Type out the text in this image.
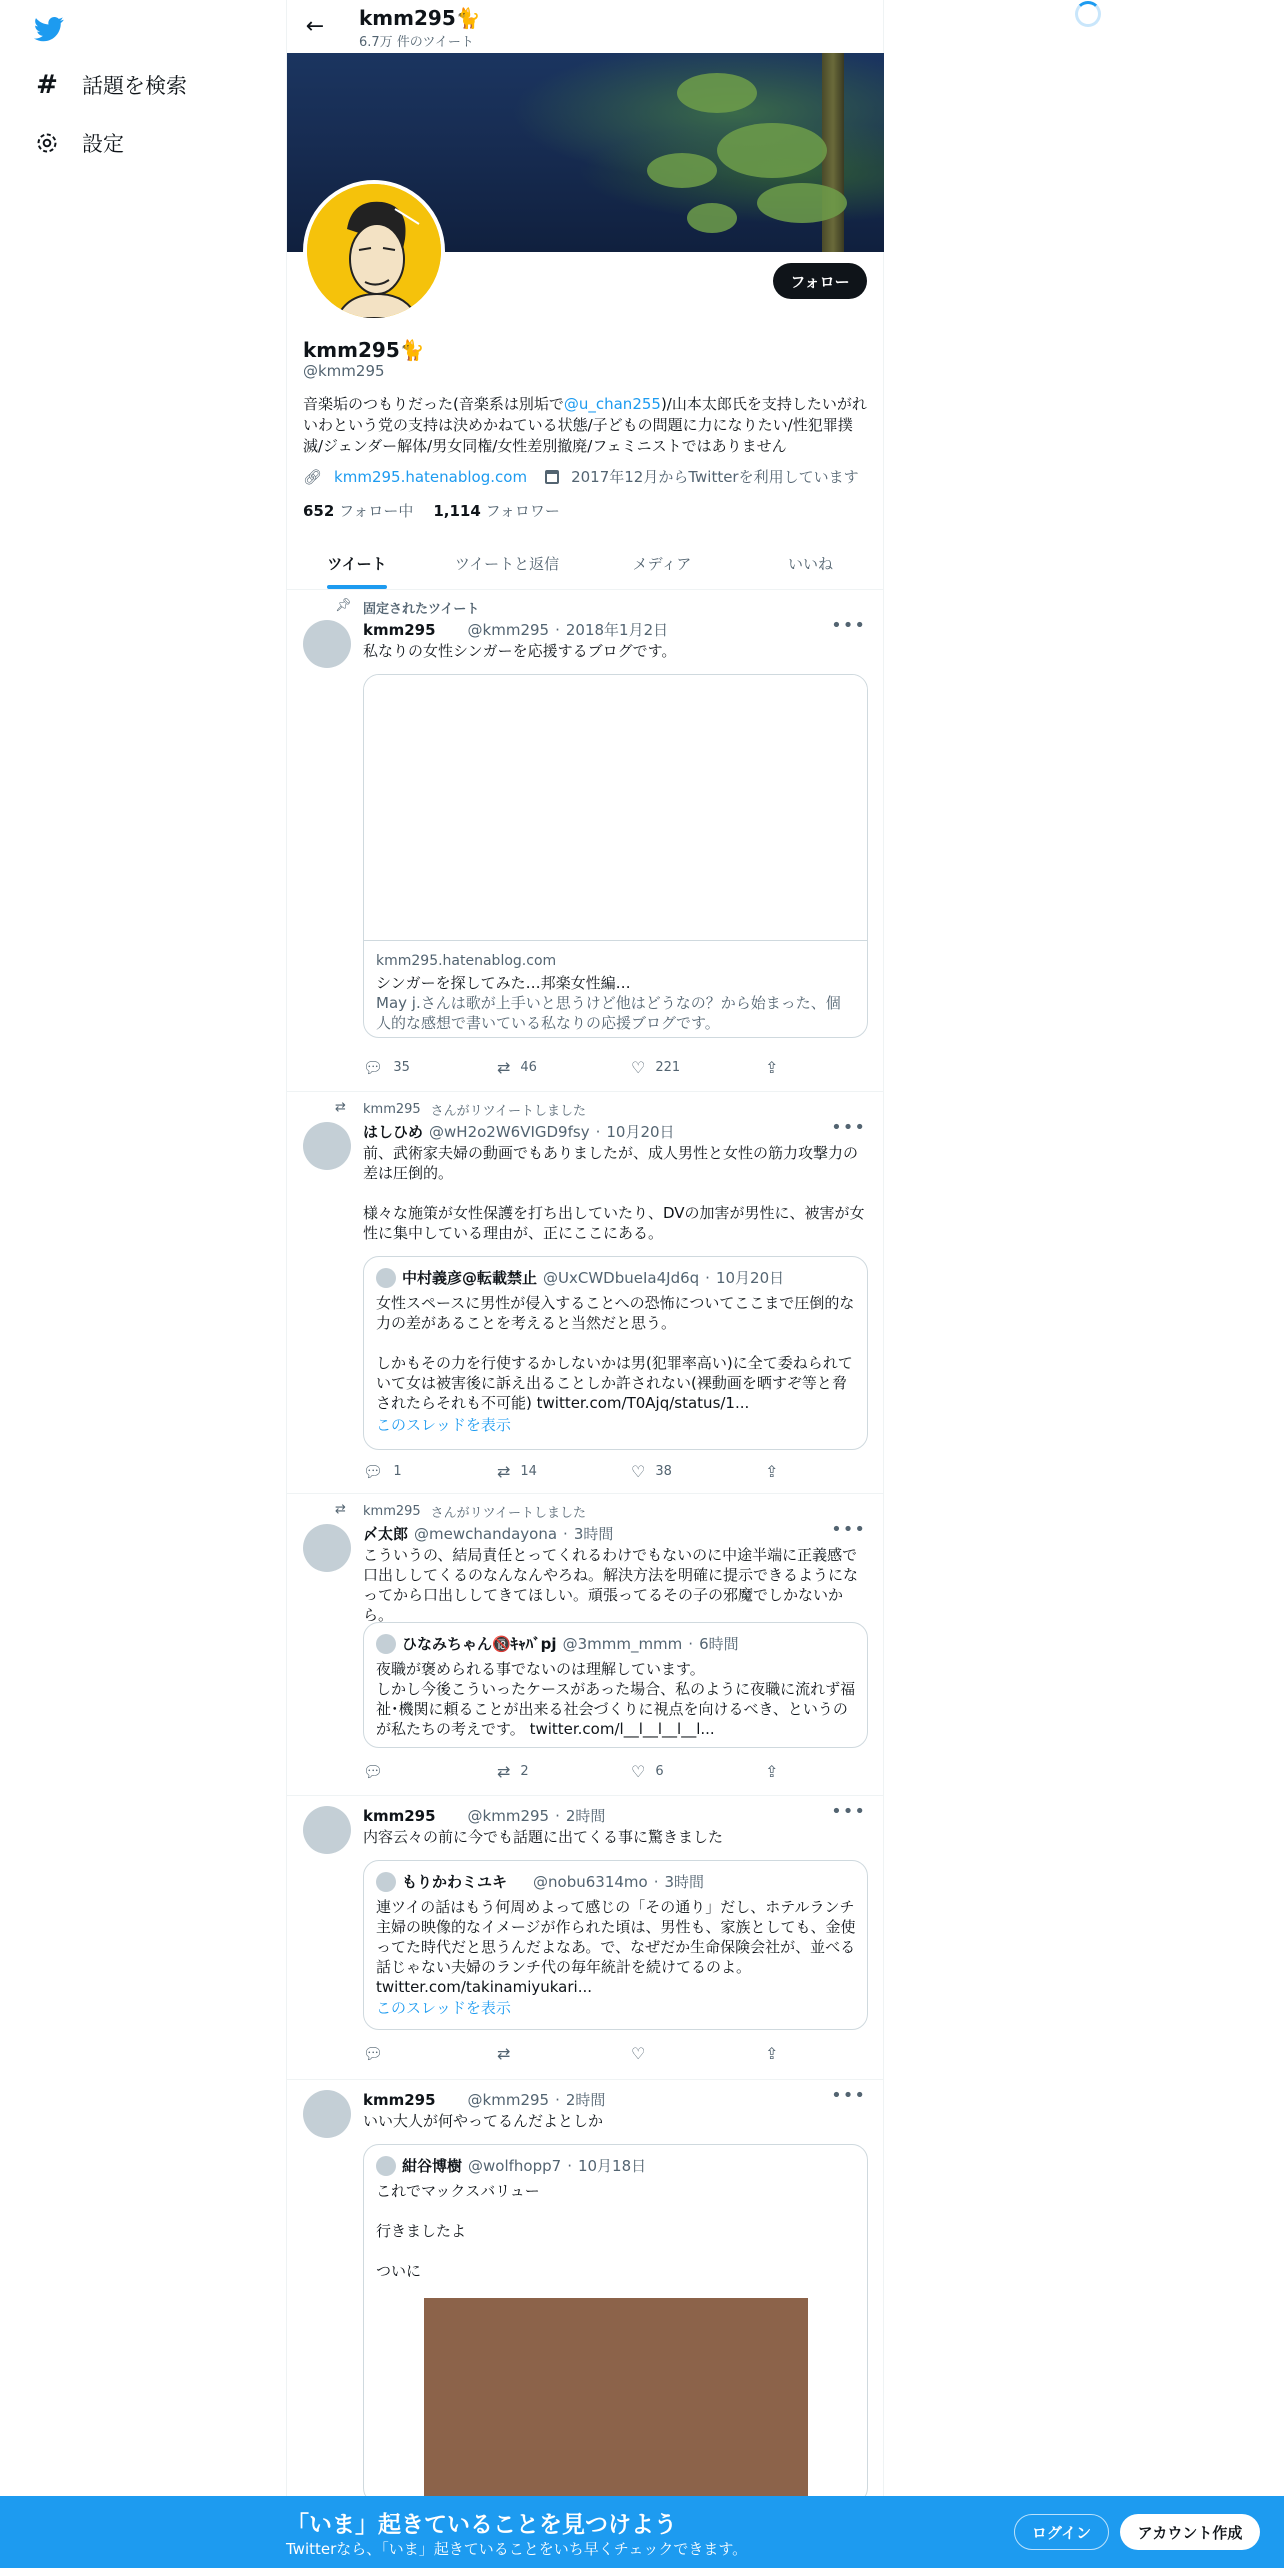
# 話題を検索
設定
← kmm295🐈
6.7万 件のツイート
フォロー
kmm295🐈
@kmm295
音楽垢のつもりだった(音楽系は別垢で@u_chan255)/山本太郎氏を支持したいがれいわという党の支持は決めかねている状態/子どもの問題に力になりたい/性犯罪撲滅/ジェンダー解体/男女同権/女性差別撤廃/フェミニストではありません
🔗︎ kmm295.hatenablog.com	2017年12月からTwitterを利用しています
652 フォロー中 1,114 フォロワー
ツイート	ツイートと返信	メディア	いいね
📌︎ 固定されたツイート
kmm295 @kmm295 · 2018年1月2日	•••
私なりの女性シンガーを応援するブログです。
kmm295.hatenablog.com
シンガーを探してみた…邦楽女性編…
May j.さんは歌が上手いと思うけど他はどうなの？から始まった、個人的な感想で書いている私なりの応援ブログです。
💬︎ 35	⇄ 46	♡ 221	⇪
⇄ kmm295 さんがリツイートしました
はしひめ @wH2o2W6VIGD9fsy · 10月20日	•••
前、武術家夫婦の動画でもありましたが、成人男性と女性の筋力攻撃力の差は圧倒的。

様々な施策が女性保護を打ち出していたり、DVの加害が男性に、被害が女性に集中している理由が、正にここにある。
中村義彦@転載禁止 @UxCWDbueIa4Jd6q · 10月20日
女性スペースに男性が侵入することへの恐怖についてここまで圧倒的な力の差があることを考えると当然だと思う。

しかもその力を行使するかしないかは男(犯罪率高い)に全て委ねられていて女は被害後に訴え出ることしか許されない(裸動画を晒すぞ等と脅されたらそれも不可能) twitter.com/T0Ajq/status/1...
このスレッドを表示
💬︎ 1	⇄ 14	♡ 38	⇪
⇄ kmm295 さんがリツイートしました
〆太郎 @mewchandayona · 3時間	•••
こういうの、結局責任とってくれるわけでもないのに中途半端に正義感で口出ししてくるのなんなんやろね。解決方法を明確に提示できるようになってから口出ししてきてほしい。頑張ってるその子の邪魔でしかないから。
ひなみちゃん🔞ｷｬﾊﾞpj @3mmm_mmm · 6時間
夜職が褒められる事でないのは理解しています。
しかし今後こういったケースがあった場合、私のように夜職に流れず福祉･機関に頼ることが出来る社会づくりに視点を向けるべき、というのが私たちの考えです。 twitter.com/l__l__l__l__l...
💬︎	⇄ 2	♡ 6	⇪
kmm295 @kmm295 · 2時間	•••
内容云々の前に今でも話題に出てくる事に驚きました
もりかわミユキ @nobu6314mo · 3時間
連ツイの話はもう何周めよって感じの「その通り」だし、ホテルランチ主婦の映像的なイメージが作られた頃は、男性も、家族としても、金使ってた時代だと思うんだよなあ。で、なぜだか生命保険会社が、並べる話じゃない夫婦のランチ代の毎年統計を続けてるのよ。 twitter.com/takinamiyukari...
このスレッドを表示
💬︎	⇄	♡	⇪
kmm295 @kmm295 · 2時間	•••
いい大人が何やってるんだよとしか
紺谷博樹 @wolfhopp7 · 10月18日
これでマックスバリュー

行きましたよ

ついに
「いま」起きていることを見つけよう
Twitterなら、「いま」起きていることをいち早くチェックできます。
ログイン	アカウント作成
